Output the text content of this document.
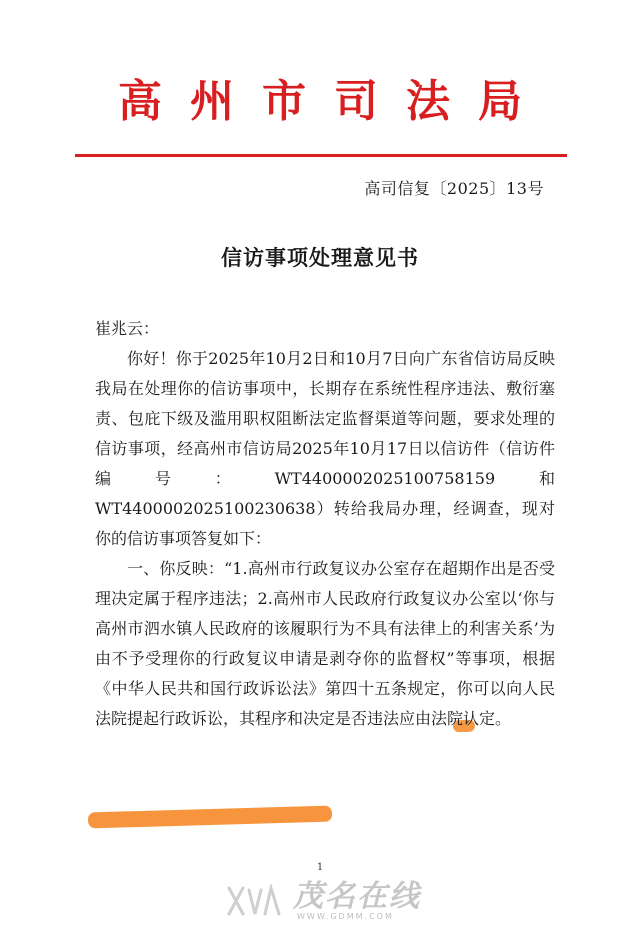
高州市司法局
高司信复〔2025〕13号
信访事项处理意见书

崔兆云：

你好！你于2025年10月2日和10月7日向广东省信访局反映我局在处理你的信访事项中，长期存在系统性程序违法、敷衍塞责、包庇下级及滥用职权阻断法定监督渠道等问题，要求处理的信访事项，经高州市信访局2025年10月17日以信访件（信访件编号：WT4400002025100758159和WT4400002025100230638）转给我局办理，经调查，现对你的信访事项答复如下：

一、你反映：“1.高州市行政复议办公室存在超期作出是否受理决定属于程序违法；2.高州市人民政府行政复议办公室以‘你与高州市泗水镇人民政府的该履职行为不具有法律上的利害关系’为由不予受理你的行政复议申请是剥夺你的监督权”等事项，根据《中华人民共和国行政诉讼法》第四十五条规定，你可以向人民法院提起行政诉讼，其程序和决定是否违法应由法院认定。

1
茂名在线
WWW.GDMM.COM
